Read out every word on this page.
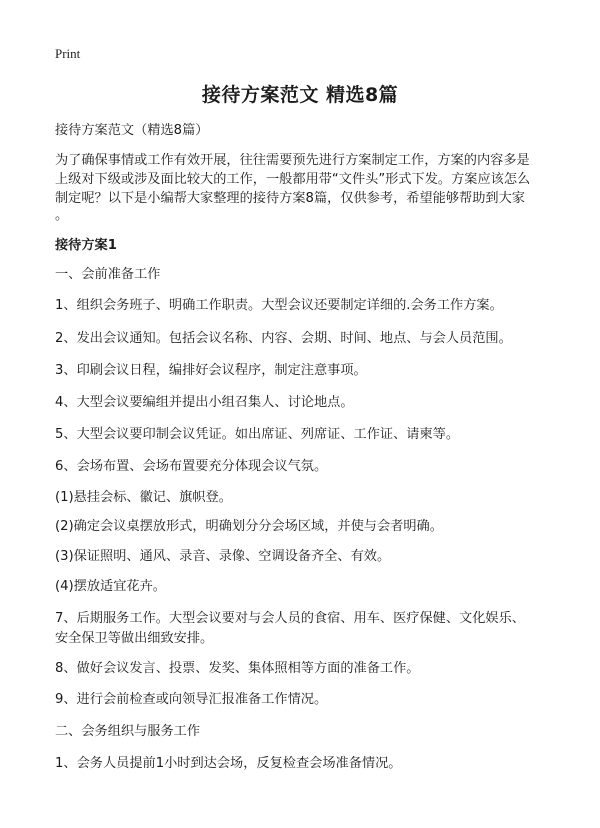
Print
接待方案范文 精选8篇
接待方案范文（精选8篇）
为了确保事情或工作有效开展，往往需要预先进行方案制定工作，方案的内容多是
上级对下级或涉及面比较大的工作，一般都用带“文件头”形式下发。方案应该怎么
制定呢？以下是小编帮大家整理的接待方案8篇，仅供参考，希望能够帮助到大家
。
接待方案1
一、会前准备工作
1、组织会务班子、明确工作职责。大型会议还要制定详细的.会务工作方案。
2、发出会议通知。包括会议名称、内容、会期、时间、地点、与会人员范围。
3、印刷会议日程，编排好会议程序，制定注意事项。
4、大型会议要编组并提出小组召集人、讨论地点。
5、大型会议要印制会议凭证。如出席证、列席证、工作证、请柬等。
6、会场布置、会场布置要充分体现会议气氛。
(1)悬挂会标、徽记、旗帜登。
(2)确定会议桌摆放形式，明确划分分会场区域，并使与会者明确。
(3)保证照明、通风、录音、录像、空调设备齐全、有效。
(4)摆放适宜花卉。
7、后期服务工作。大型会议要对与会人员的食宿、用车、医疗保健、文化娱乐、
安全保卫等做出细致安排。
8、做好会议发言、投票、发奖、集体照相等方面的准备工作。
9、进行会前检查或向领导汇报准备工作情况。
二、会务组织与服务工作
1、会务人员提前1小时到达会场，反复检查会场准备情况。
